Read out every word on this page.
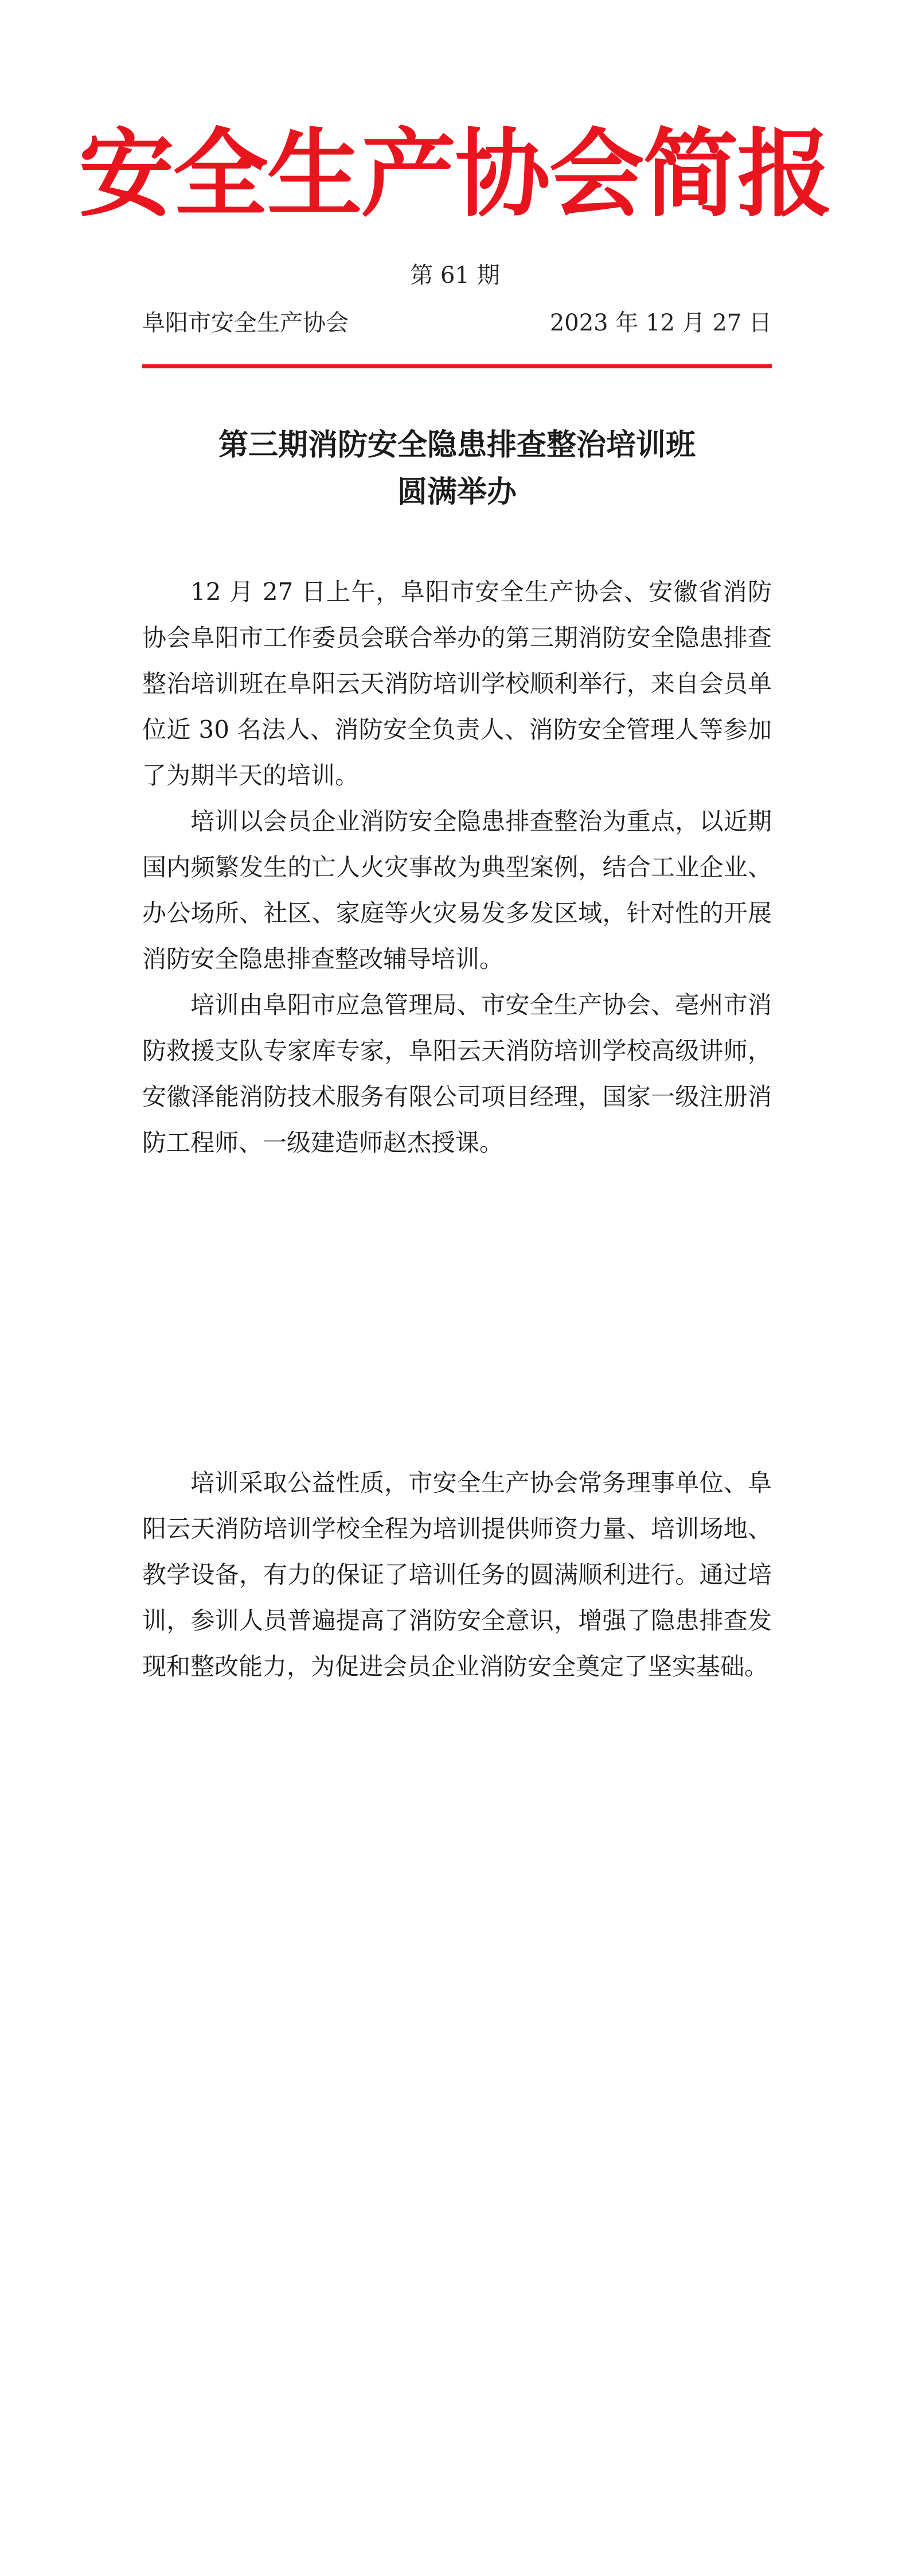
安全生产协会简报
第 61 期
阜阳市安全生产协会	2023 年 12 月 27 日
第三期消防安全隐患排查整治培训班
圆满举办

12 月 27 日上午，阜阳市安全生产协会、安徽省消防协会阜阳市工作委员会联合举办的第三期消防安全隐患排查整治培训班在阜阳云天消防培训学校顺利举行，来自会员单位近 30 名法人、消防安全负责人、消防安全管理人等参加了为期半天的培训。

培训以会员企业消防安全隐患排查整治为重点，以近期国内频繁发生的亡人火灾事故为典型案例，结合工业企业、办公场所、社区、家庭等火灾易发多发区域，针对性的开展消防安全隐患排查整改辅导培训。

培训由阜阳市应急管理局、市安全生产协会、亳州市消防救援支队专家库专家，阜阳云天消防培训学校高级讲师，安徽泽能消防技术服务有限公司项目经理，国家一级注册消防工程师、一级建造师赵杰授课。

培训采取公益性质，市安全生产协会常务理事单位、阜阳云天消防培训学校全程为培训提供师资力量、培训场地、教学设备，有力的保证了培训任务的圆满顺利进行。通过培训，参训人员普遍提高了消防安全意识，增强了隐患排查发现和整改能力，为促进会员企业消防安全奠定了坚实基础。
